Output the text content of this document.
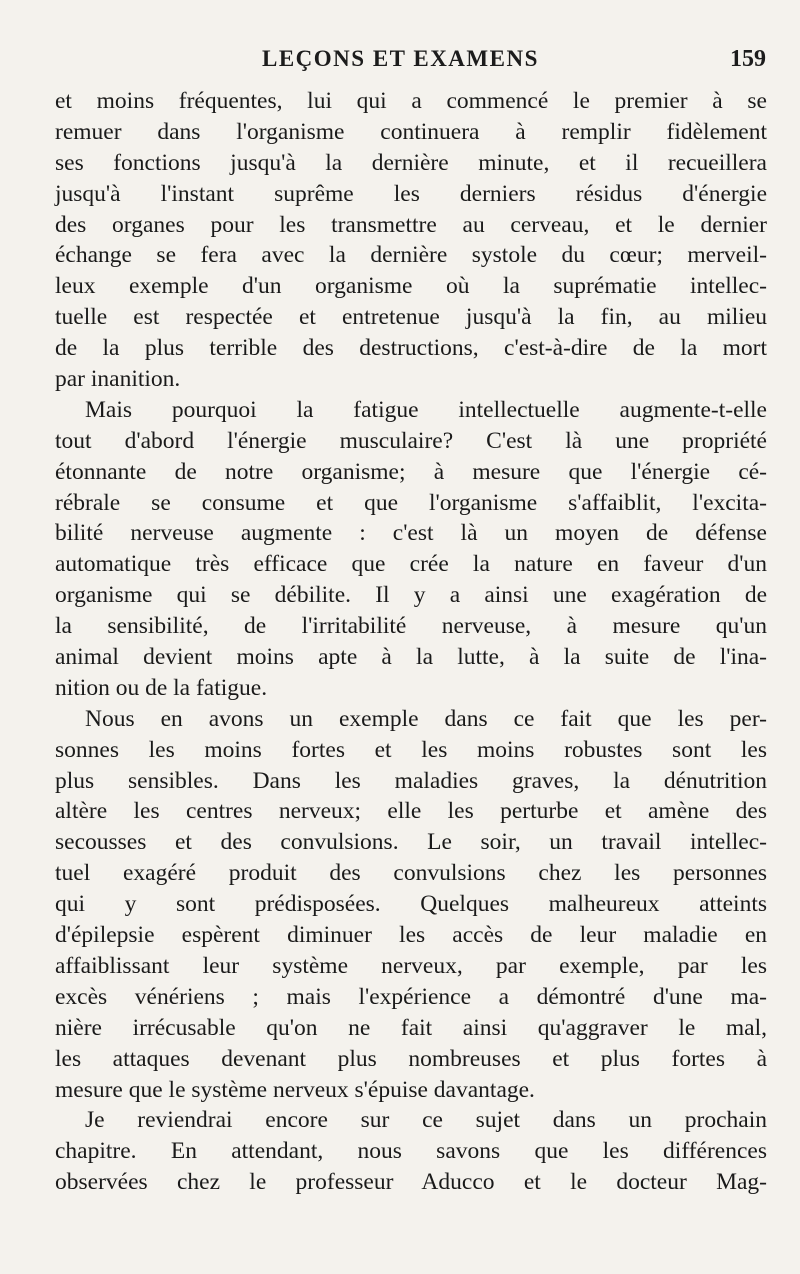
LEÇONS ET EXAMENS	159
et moins fréquentes, lui qui a commencé le premier à se
remuer dans l'organisme continuera à remplir fidèlement
ses fonctions jusqu'à la dernière minute, et il recueillera
jusqu'à l'instant suprême les derniers résidus d'énergie
des organes pour les transmettre au cerveau, et le dernier
échange se fera avec la dernière systole du cœur; merveil-
leux exemple d'un organisme où la suprématie intellec-
tuelle est respectée et entretenue jusqu'à la fin, au milieu
de la plus terrible des destructions, c'est-à-dire de la mort
par inanition.
Mais pourquoi la fatigue intellectuelle augmente-t-elle
tout d'abord l'énergie musculaire? C'est là une propriété
étonnante de notre organisme; à mesure que l'énergie cé-
rébrale se consume et que l'organisme s'affaiblit, l'excita-
bilité nerveuse augmente : c'est là un moyen de défense
automatique très efficace que crée la nature en faveur d'un
organisme qui se débilite. Il y a ainsi une exagération de
la sensibilité, de l'irritabilité nerveuse, à mesure qu'un
animal devient moins apte à la lutte, à la suite de l'ina-
nition ou de la fatigue.
Nous en avons un exemple dans ce fait que les per-
sonnes les moins fortes et les moins robustes sont les
plus sensibles. Dans les maladies graves, la dénutrition
altère les centres nerveux; elle les perturbe et amène des
secousses et des convulsions. Le soir, un travail intellec-
tuel exagéré produit des convulsions chez les personnes
qui y sont prédisposées. Quelques malheureux atteints
d'épilepsie espèrent diminuer les accès de leur maladie en
affaiblissant leur système nerveux, par exemple, par les
excès vénériens ; mais l'expérience a démontré d'une ma-
nière irrécusable qu'on ne fait ainsi qu'aggraver le mal,
les attaques devenant plus nombreuses et plus fortes à
mesure que le système nerveux s'épuise davantage.
Je reviendrai encore sur ce sujet dans un prochain
chapitre. En attendant, nous savons que les différences
observées chez le professeur Aducco et le docteur Mag-
